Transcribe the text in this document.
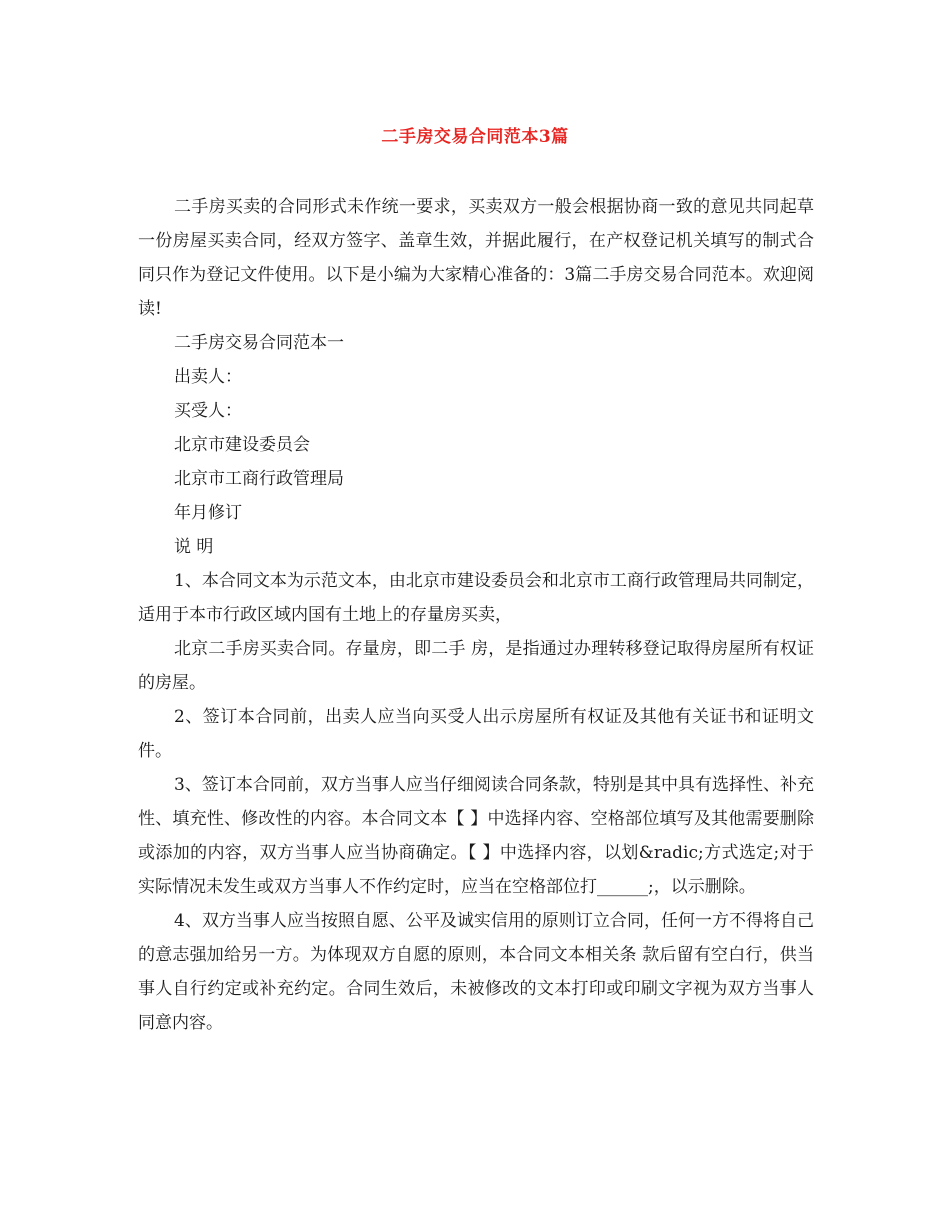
二手房交易合同范本3篇

二手房买卖的合同形式未作统一要求，买卖双方一般会根据协商一致的意见共同起草一份房屋买卖合同，经双方签字、盖章生效，并据此履行，在产权登记机关填写的制式合同只作为登记文件使用。以下是小编为大家精心准备的：3篇二手房交易合同范本。欢迎阅读!

二手房交易合同范本一

出卖人：

买受人：

北京市建设委员会

北京市工商行政管理局

年月修订

说 明

1、本合同文本为示范文本，由北京市建设委员会和北京市工商行政管理局共同制定，适用于本市行政区域内国有土地上的存量房买卖，

北京二手房买卖合同。存量房，即二手 房，是指通过办理转移登记取得房屋所有权证的房屋。

2、签订本合同前，出卖人应当向买受人出示房屋所有权证及其他有关证书和证明文件。

3、签订本合同前，双方当事人应当仔细阅读合同条款，特别是其中具有选择性、补充性、填充性、修改性的内容。本合同文本【 】中选择内容、空格部位填写及其他需要删除或添加的内容，双方当事人应当协商确定。【 】中选择内容，以划&radic;方式选定;对于实际情况未发生或双方当事人不作约定时，应当在空格部位打______;，以示删除。

4、双方当事人应当按照自愿、公平及诚实信用的原则订立合同，任何一方不得将自己的意志强加给另一方。为体现双方自愿的原则，本合同文本相关条 款后留有空白行，供当事人自行约定或补充约定。合同生效后，未被修改的文本打印或印刷文字视为双方当事人同意内容。
